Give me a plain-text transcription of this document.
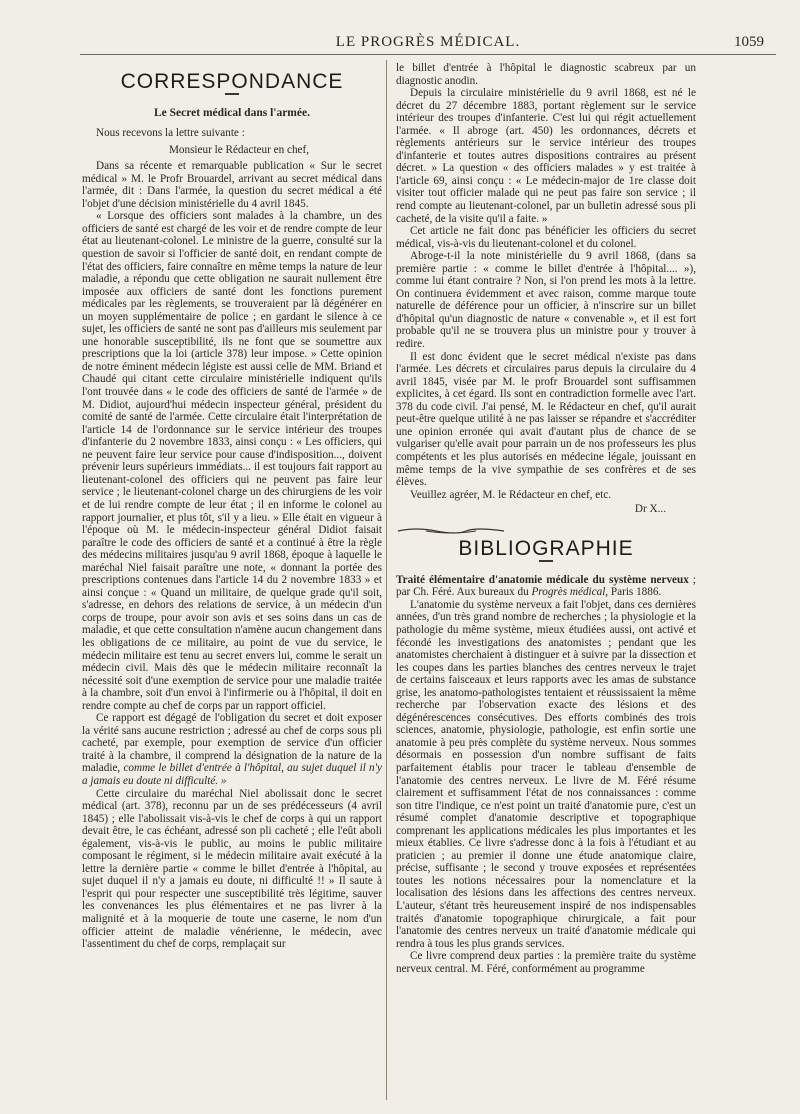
LE PROGRÈS MÉDICAL.	1059
CORRESPONDANCE
Le Secret médical dans l'armée.

Nous recevons la lettre suivante :

Monsieur le Rédacteur en chef,

Dans sa récente et remarquable publication « Sur le secret médical » M. le Profr Brouardel, arrivant au secret médical dans l'armée, dit : Dans l'armée, la question du secret médical a été l'objet d'une décision ministérielle du 4 avril 1845.

« Lorsque des officiers sont malades à la chambre, un des officiers de santé est chargé de les voir et de rendre compte de leur état au lieutenant-colonel. Le ministre de la guerre, consulté sur la question de savoir si l'officier de santé doit, en rendant compte de l'état des officiers, faire connaître en même temps la nature de leur maladie, a répondu que cette obligation ne saurait nullement être imposée aux officiers de santé dont les fonctions purement médicales par les règlements, se trouveraient par là dégénérer en un moyen supplémentaire de police ; en gardant le silence à ce sujet, les officiers de santé ne sont pas d'ailleurs mis seulement par une honorable susceptibilité, ils ne font que se soumettre aux prescriptions que la loi (article 378) leur impose. » Cette opinion de notre éminent médecin légiste est aussi celle de MM. Briand et Chaudé qui citant cette circulaire ministérielle indiquent qu'ils l'ont trouvée dans « le code des officiers de santé de l'armée » de M. Didiot, aujourd'hui médecin inspecteur général, président du comité de santé de l'armée. Cette circulaire était l'interprétation de l'article 14 de l'ordonnance sur le service intérieur des troupes d'infanterie du 2 novembre 1833, ainsi conçu : « Les officiers, qui ne peuvent faire leur service pour cause d'indisposition..., doivent prévenir leurs supérieurs immédiats... il est toujours fait rapport au lieutenant-colonel des officiers qui ne peuvent pas faire leur service ; le lieutenant-colonel charge un des chirurgiens de les voir et de lui rendre compte de leur état ; il en informe le colonel au rapport journalier, et plus tôt, s'il y a lieu. » Elle était en vigueur à l'époque où M. le médecin-inspecteur général Didiot faisait paraître le code des officiers de santé et a continué à être la règle des médecins militaires jusqu'au 9 avril 1868, époque à laquelle le maréchal Niel faisait paraître une note, « donnant la portée des prescriptions contenues dans l'article 14 du 2 novembre 1833 » et ainsi conçue : « Quand un militaire, de quelque grade qu'il soit, s'adresse, en dehors des relations de service, à un médecin d'un corps de troupe, pour avoir son avis et ses soins dans un cas de maladie, et que cette consultation n'amène aucun changement dans les obligations de ce militaire, au point de vue du service, le médecin militaire est tenu au secret envers lui, comme le serait un médecin civil. Mais dès que le médecin militaire reconnaît la nécessité soit d'une exemption de service pour une maladie traitée à la chambre, soit d'un envoi à l'infirmerie ou à l'hôpital, il doit en rendre compte au chef de corps par un rapport officiel.

Ce rapport est dégagé de l'obligation du secret et doit exposer la vérité sans aucune restriction ; adressé au chef de corps sous pli cacheté, par exemple, pour exemption de service d'un officier traité à la chambre, il comprend la désignation de la nature de la maladie, comme le billet d'entrée à l'hôpital, au sujet duquel il n'y a jamais eu doute ni difficulté. »

Cette circulaire du maréchal Niel abolissait donc le secret médical (art. 378), reconnu par un de ses prédécesseurs (4 avril 1845) ; elle l'abolissait vis-à-vis le chef de corps à qui un rapport devait être, le cas échéant, adressé son pli cacheté ; elle l'eût aboli également, vis-à-vis le public, au moins le public militaire composant le régiment, si le médecin militaire avait exécuté à la lettre la dernière partie « comme le billet d'entrée à l'hôpital, au sujet duquel il n'y a jamais eu doute, ni difficulté !! » Il saute à l'esprit qui pour respecter une susceptibilité très légitime, sauver les convenances les plus élémentaires et ne pas livrer à la malignité et à la moquerie de toute une caserne, le nom d'un officier atteint de maladie vénérienne, le médecin, avec l'assentiment du chef de corps, remplaçait sur

le billet d'entrée à l'hôpital le diagnostic scabreux par un diagnostic anodin.

Depuis la circulaire ministérielle du 9 avril 1868, est né le décret du 27 décembre 1883, portant règlement sur le service intérieur des troupes d'infanterie. C'est lui qui régit actuellement l'armée. « Il abroge (art. 450) les ordonnances, décrets et règlements antérieurs sur le service intérieur des troupes d'infanterie et toutes autres dispositions contraires au présent décret. » La question « des officiers malades » y est traitée à l'article 69, ainsi conçu : « Le médecin-major de 1re classe doit visiter tout officier malade qui ne peut pas faire son service ; il rend compte au lieutenant-colonel, par un bulletin adressé sous pli cacheté, de la visite qu'il a faite. »

Cet article ne fait donc pas bénéficier les officiers du secret médical, vis-à-vis du lieutenant-colonel et du colonel.

Abroge-t-il la note ministérielle du 9 avril 1868, (dans sa première partie : « comme le billet d'entrée à l'hôpital.... »), comme lui étant contraire ? Non, si l'on prend les mots à la lettre. On continuera évidemment et avec raison, comme marque toute naturelle de déférence pour un officier, à n'inscrire sur un billet d'hôpital qu'un diagnostic de nature « convenable », et il est fort probable qu'il ne se trouvera plus un ministre pour y trouver à redire.

Il est donc évident que le secret médical n'existe pas dans l'armée. Les décrets et circulaires parus depuis la circulaire du 4 avril 1845, visée par M. le profr Brouardel sont suffisammen explicites, à cet égard. Ils sont en contradiction formelle avec l'art. 378 du code civil. J'ai pensé, M. le Rédacteur en chef, qu'il aurait peut-être quelque utilité à ne pas laisser se répandre et s'accréditer une opinion erronée qui avait d'autant plus de chance de se vulgariser qu'elle avait pour parrain un de nos professeurs les plus compétents et les plus autorisés en médecine légale, jouissant en même temps de la vive sympathie de ses confrères et de ses élèves.

Veuillez agréer, M. le Rédacteur en chef, etc.

Dr X...
BIBLIOGRAPHIE

Traité élémentaire d'anatomie médicale du système nerveux ; par Ch. Féré. Aux bureaux du Progrès médical, Paris 1886.

L'anatomie du système nerveux a fait l'objet, dans ces dernières années, d'un très grand nombre de recherches ; la physiologie et la pathologie du même système, mieux étudiées aussi, ont activé et fécondé les investigations des anatomistes ; pendant que les anatomistes cherchaient à distinguer et à suivre par la dissection et les coupes dans les parties blanches des centres nerveux le trajet de certains faisceaux et leurs rapports avec les amas de substance grise, les anatomo-pathologistes tentaient et réussissaient la même recherche par l'observation exacte des lésions et des dégénérescences consécutives. Des efforts combinés des trois sciences, anatomie, physiologie, pathologie, est enfin sortie une anatomie à peu près complète du système nerveux. Nous sommes désormais en possession d'un nombre suffisant de faits parfaitement établis pour tracer le tableau d'ensemble de l'anatomie des centres nerveux. Le livre de M. Féré résume clairement et suffisamment l'état de nos connaissances : comme son titre l'indique, ce n'est point un traité d'anatomie pure, c'est un résumé complet d'anatomie descriptive et topographique comprenant les applications médicales les plus importantes et les mieux établies. Ce livre s'adresse donc à la fois à l'étudiant et au praticien ; au premier il donne une étude anatomique claire, précise, suffisante ; le second y trouve exposées et représentées toutes les notions nécessaires pour la nomenclature et la localisation des lésions dans les affections des centres nerveux. L'auteur, s'étant très heureusement inspiré de nos indispensables traités d'anatomie topographique chirurgicale, a fait pour l'anatomie des centres nerveux un traité d'anatomie médicale qui rendra à tous les plus grands services.

Ce livre comprend deux parties : la première traite du système nerveux central. M. Féré, conformément au programme
